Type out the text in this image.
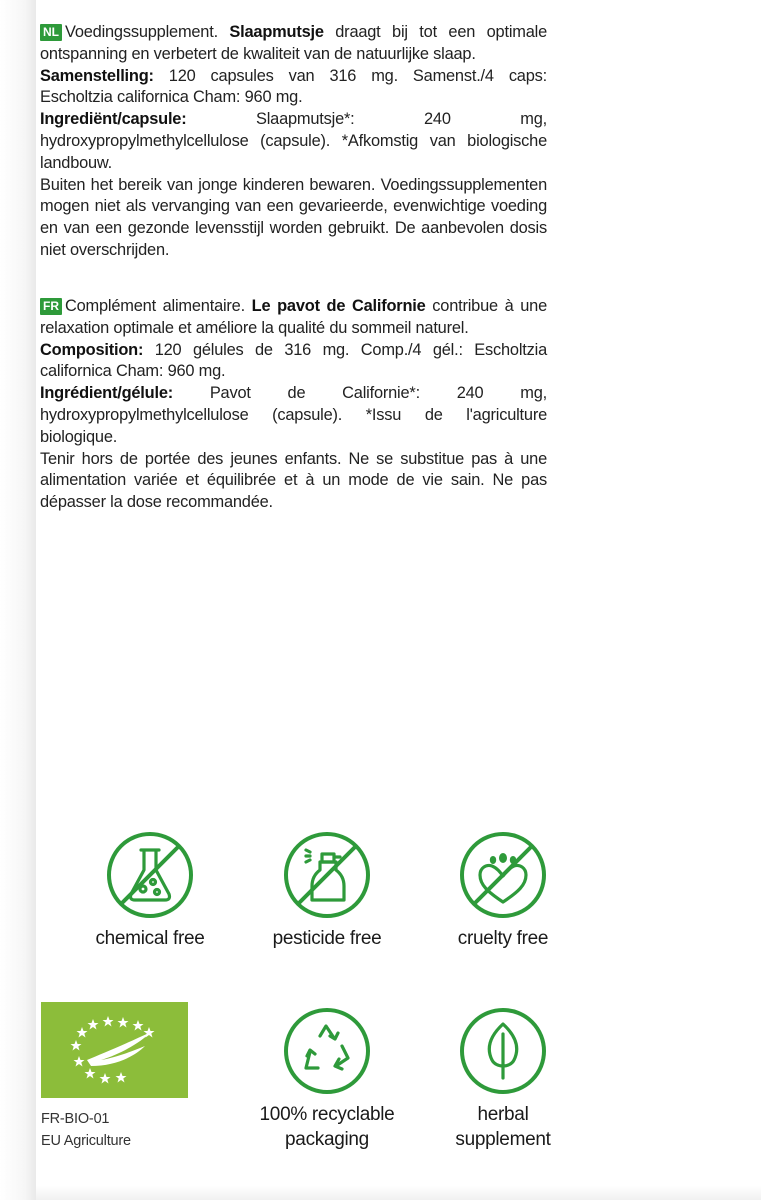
NL Voedingssupplement. Slaapmutsje draagt bij tot een optimale ontspanning en verbetert de kwaliteit van de natuurlijke slaap.

Samenstelling: 120 capsules van 316 mg. Samenst./4 caps: Escholtzia californica Cham: 960 mg.

Ingrediënt/capsule:	Slaapmutsje*: 240 mg, hydroxypropylmethylcellulose (capsule). *Afkomstig van biologische landbouw.

Buiten het bereik van jonge kinderen bewaren. Voedingssupplementen mogen niet als vervanging van een gevarieerde, evenwichtige voeding en van een gezonde levensstijl worden gebruikt. De aanbevolen dosis niet overschrijden.

FR Complément alimentaire. Le pavot de Californie contribue à une relaxation optimale et améliore la qualité du sommeil naturel.

Composition: 120 gélules de 316 mg. Comp./4 gél.: Escholtzia californica Cham: 960 mg.

Ingrédient/gélule: Pavot de Californie*: 240 mg, hydroxypropylmethylcellulose (capsule). *Issu de l'agriculture biologique.

Tenir hors de portée des jeunes enfants. Ne se substitue pas à une alimentation variée et équilibrée et à un mode de vie sain. Ne pas dépasser la dose recommandée.

chemical free	pesticide free	cruelty free
FR-BIO-01
EU Agriculture
100% recyclable
packaging
herbal
supplement
